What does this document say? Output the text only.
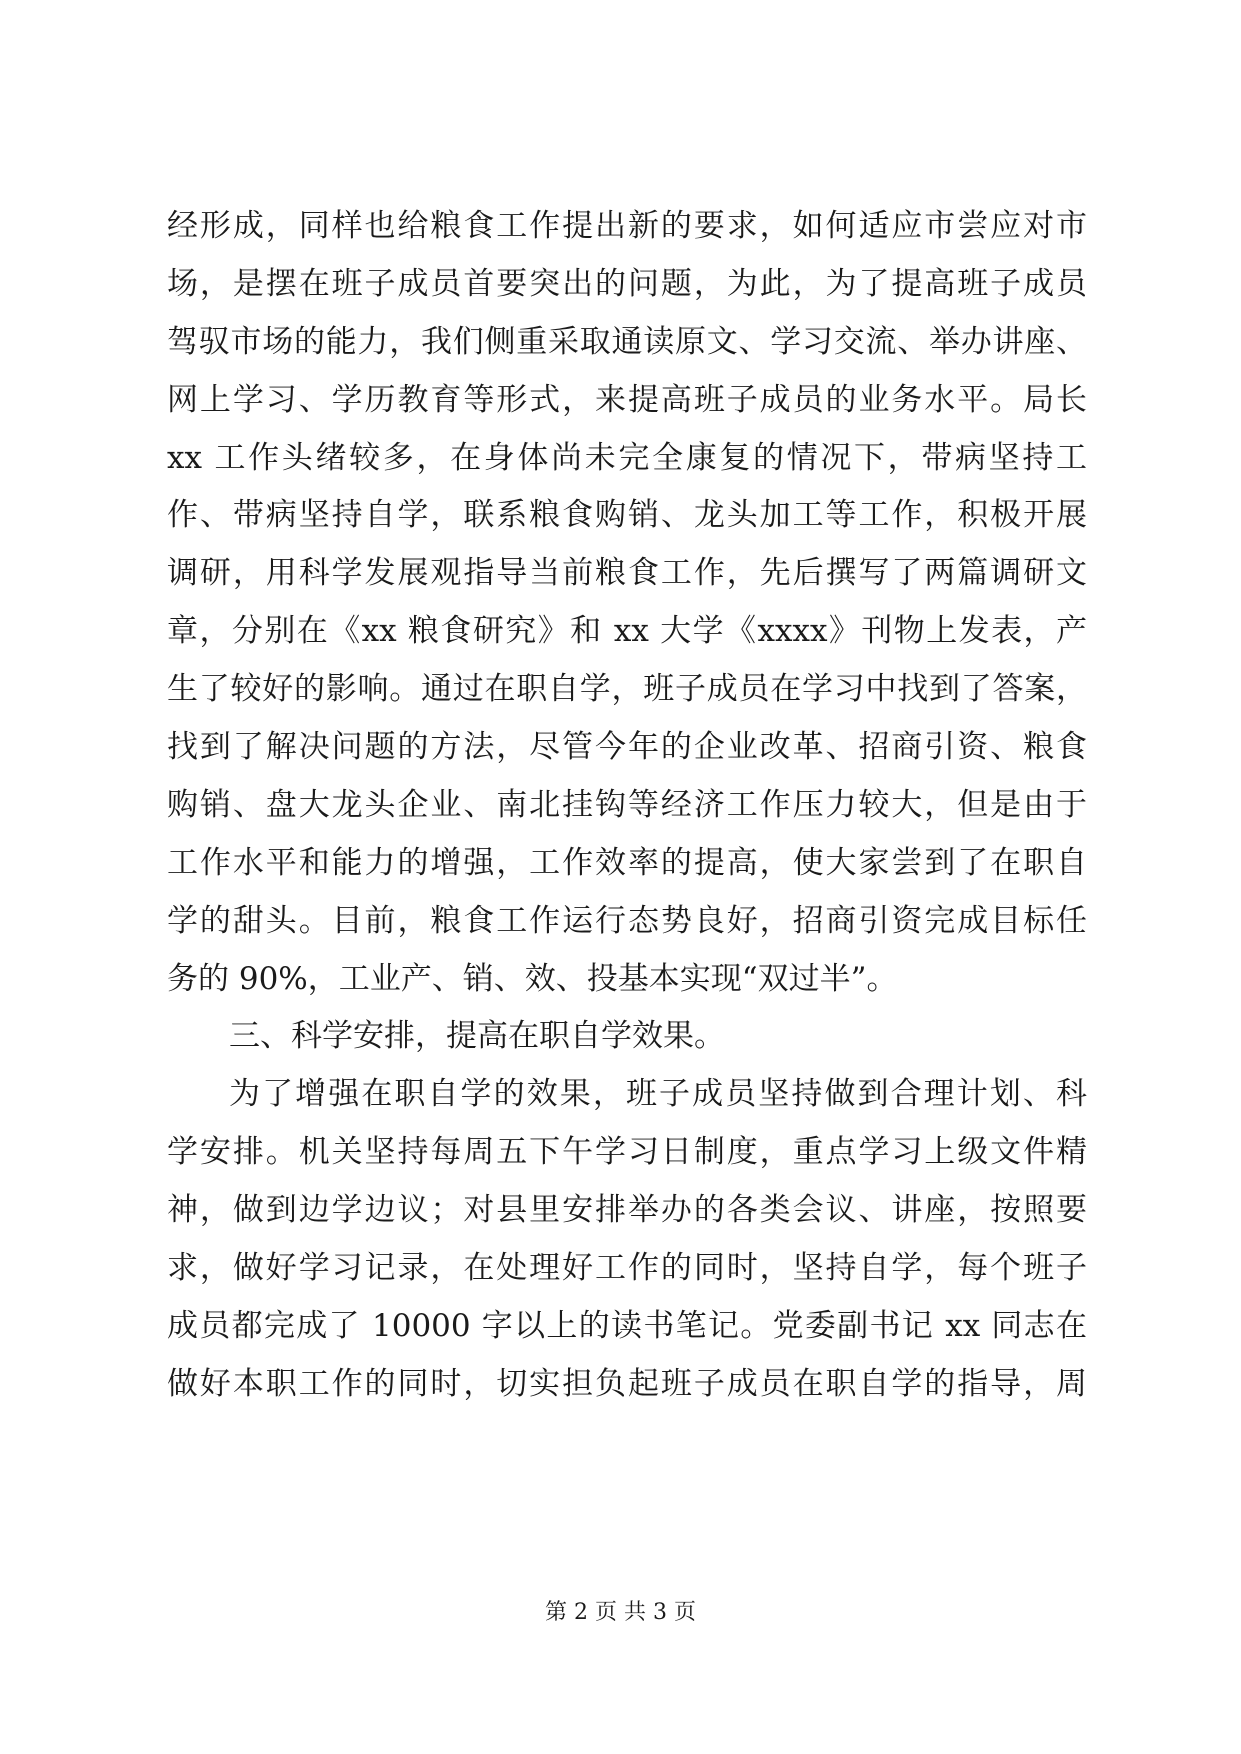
经形成，同样也给粮食工作提出新的要求，如何适应市尝应对市
场，是摆在班子成员首要突出的问题，为此，为了提高班子成员
驾驭市场的能力，我们侧重采取通读原文、学习交流、举办讲座、
网上学习、学历教育等形式，来提高班子成员的业务水平。局长
xx 工作头绪较多，在身体尚未完全康复的情况下，带病坚持工
作、带病坚持自学，联系粮食购销、龙头加工等工作，积极开展
调研，用科学发展观指导当前粮食工作，先后撰写了两篇调研文
章，分别在《xx 粮食研究》和 xx 大学《xxxx》刊物上发表，产
生了较好的影响。通过在职自学，班子成员在学习中找到了答案，
找到了解决问题的方法，尽管今年的企业改革、招商引资、粮食
购销、盘大龙头企业、南北挂钩等经济工作压力较大，但是由于
工作水平和能力的增强，工作效率的提高，使大家尝到了在职自
学的甜头。目前，粮食工作运行态势良好，招商引资完成目标任
务的 90%，工业产、销、效、投基本实现“双过半”。
三、科学安排，提高在职自学效果。
为了增强在职自学的效果，班子成员坚持做到合理计划、科
学安排。机关坚持每周五下午学习日制度，重点学习上级文件精
神，做到边学边议；对县里安排举办的各类会议、讲座，按照要
求，做好学习记录，在处理好工作的同时，坚持自学，每个班子
成员都完成了 10000 字以上的读书笔记。党委副书记 xx 同志在
做好本职工作的同时，切实担负起班子成员在职自学的指导，周
第 2 页 共 3 页
